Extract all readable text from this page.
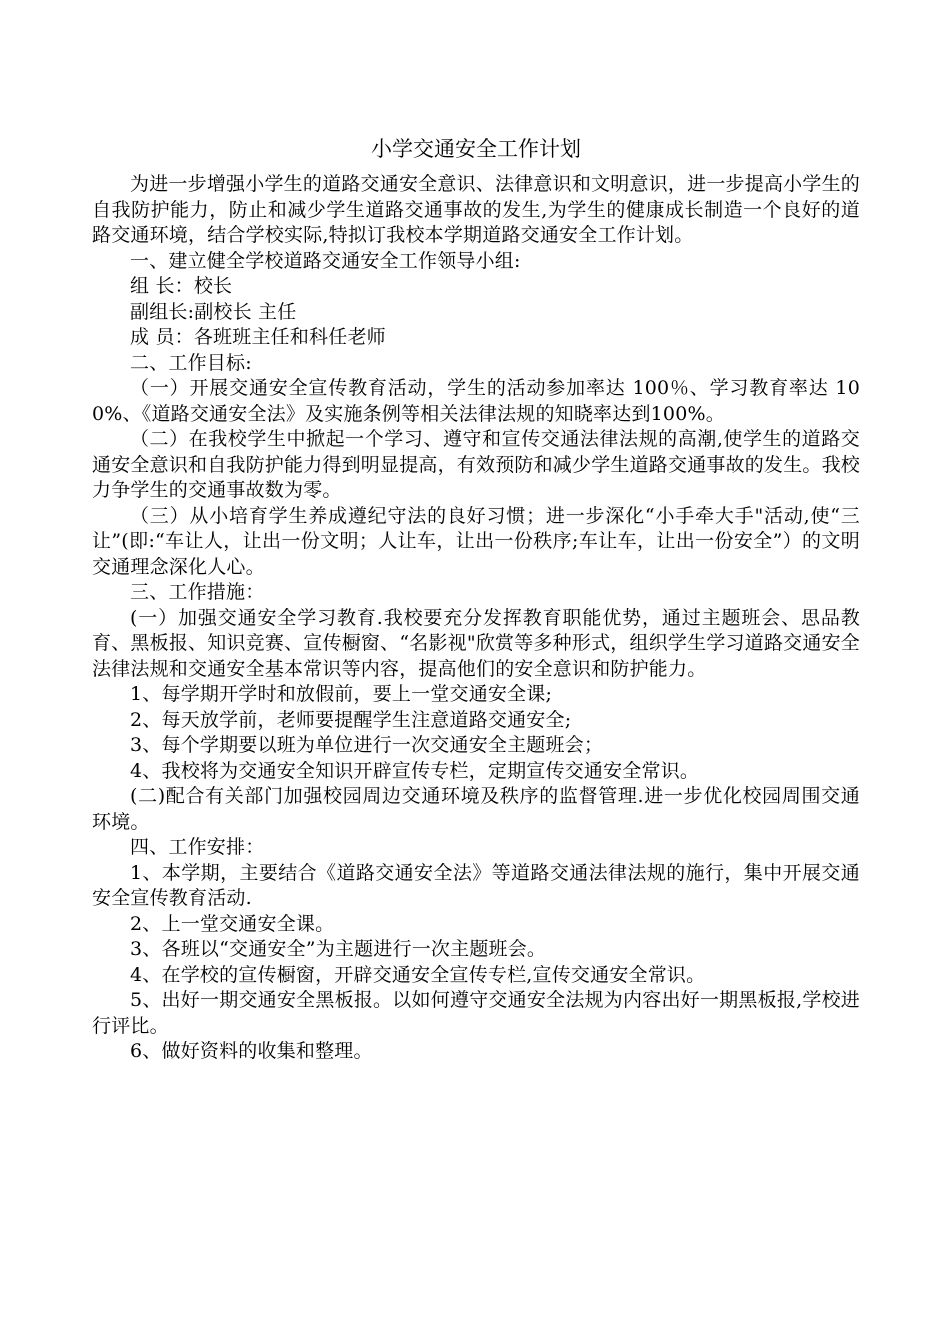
小学交通安全工作计划

为进一步增强小学生的道路交通安全意识、法律意识和文明意识，进一步提高小学生的自我防护能力，防止和减少学生道路交通事故的发生,为学生的健康成长制造一个良好的道路交通环境，结合学校实际,特拟订我校本学期道路交通安全工作计划。

一、建立健全学校道路交通安全工作领导小组:

组 长：校长

副组长:副校长 主任

成 员：各班班主任和科任老师

二、工作目标:

（一）开展交通安全宣传教育活动，学生的活动参加率达 100％、学习教育率达 100%、《道路交通安全法》及实施条例等相关法律法规的知晓率达到100%。

（二）在我校学生中掀起一个学习、遵守和宣传交通法律法规的高潮,使学生的道路交通安全意识和自我防护能力得到明显提高，有效预防和减少学生道路交通事故的发生。我校力争学生的交通事故数为零。

（三）从小培育学生养成遵纪守法的良好习惯；进一步深化“小手牵大手"活动,使“三让”(即:“车让人，让出一份文明；人让车，让出一份秩序;车让车，让出一份安全”）的文明交通理念深化人心。

三、工作措施：

(一）加强交通安全学习教育.我校要充分发挥教育职能优势，通过主题班会、思品教育、黑板报、知识竞赛、宣传橱窗、“名影视"欣赏等多种形式，组织学生学习道路交通安全法律法规和交通安全基本常识等内容，提高他们的安全意识和防护能力。

1、每学期开学时和放假前，要上一堂交通安全课;

2、每天放学前，老师要提醒学生注意道路交通安全;

3、每个学期要以班为单位进行一次交通安全主题班会；

4、我校将为交通安全知识开辟宣传专栏，定期宣传交通安全常识。

(二)配合有关部门加强校园周边交通环境及秩序的监督管理.进一步优化校园周围交通环境。

四、工作安排：

1、本学期，主要结合《道路交通安全法》等道路交通法律法规的施行，集中开展交通安全宣传教育活动.

2、上一堂交通安全课。

3、各班以“交通安全”为主题进行一次主题班会。

4、在学校的宣传橱窗，开辟交通安全宣传专栏,宣传交通安全常识。

5、出好一期交通安全黑板报。以如何遵守交通安全法规为内容出好一期黑板报,学校进行评比。

6、做好资料的收集和整理。
